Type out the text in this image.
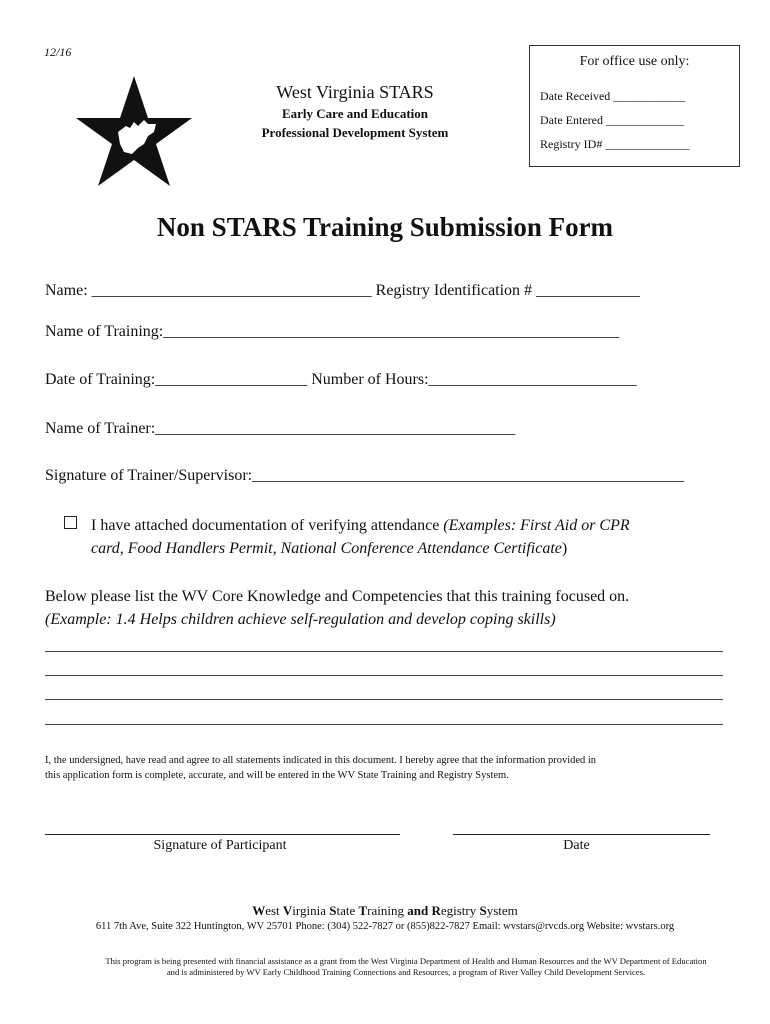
12/16
West Virginia STARS
Early Care and Education
Professional Development System
For office use only:
Date Received ____________
Date Entered _____________
Registry ID# ______________
Non STARS Training Submission Form
Name: ___________________________________ Registry Identification # _____________
Name of Training:_________________________________________________________
Date of Training:___________________ Number of Hours:__________________________
Name of Trainer:_____________________________________________
Signature of Trainer/Supervisor:______________________________________________________
I have attached documentation of verifying attendance (Examples: First Aid or CPR
card, Food Handlers Permit, National Conference Attendance Certificate)
Below please list the WV Core Knowledge and Competencies that this training focused on.
(Example: 1.4 Helps children achieve self-regulation and develop coping skills)
I, the undersigned, have read and agree to all statements indicated in this document. I hereby agree that the information provided in
this application form is complete, accurate, and will be entered in the WV State Training and Registry System.
Signature of Participant	Date
West Virginia State Training and Registry System
611 7th Ave, Suite 322 Huntington, WV 25701 Phone: (304) 522-7827 or (855)822-7827 Email: wvstars@rvcds.org Website: wvstars.org
This program is being presented with financial assistance as a grant from the West Virginia Department of Health and Human Resources and the WV Department of Education
and is administered by WV Early Childhood Training Connections and Resources, a program of River Valley Child Development Services.
